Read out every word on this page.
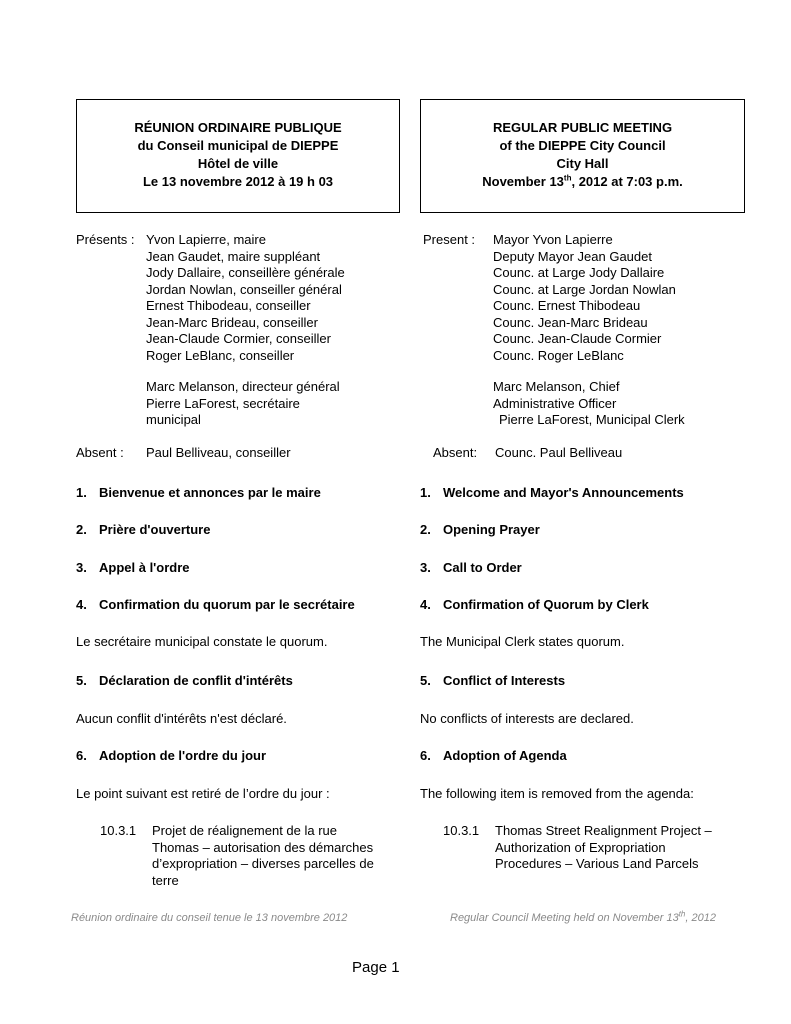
RÉUNION ORDINAIRE PUBLIQUE
du Conseil municipal de DIEPPE
Hôtel de ville
Le 13 novembre 2012 à 19 h 03
REGULAR PUBLIC MEETING
of the DIEPPE City Council
City Hall
November 13th, 2012 at 7:03 p.m.
Présents : Yvon Lapierre, maire
Jean Gaudet, maire suppléant
Jody Dallaire, conseillère générale
Jordan Nowlan, conseiller général
Ernest Thibodeau, conseiller
Jean-Marc Brideau, conseiller
Jean-Claude Cormier, conseiller
Roger LeBlanc, conseiller
Marc Melanson, directeur général
Pierre LaForest, secrétaire
municipal
Absent : Paul Belliveau, conseiller
Present : Mayor Yvon Lapierre
Deputy Mayor Jean Gaudet
Counc. at Large Jody Dallaire
Counc. at Large Jordan Nowlan
Counc. Ernest Thibodeau
Counc. Jean-Marc Brideau
Counc. Jean-Claude Cormier
Counc. Roger LeBlanc
Marc Melanson, Chief
Administrative Officer
Pierre LaForest, Municipal Clerk
Absent: Counc. Paul Belliveau
1. Bienvenue et annonces par le maire
2. Prière d'ouverture
3. Appel à l'ordre
4. Confirmation du quorum par le secrétaire
Le secrétaire municipal constate le quorum.
5. Déclaration de conflit d'intérêts
Aucun conflit d'intérêts n'est déclaré.
6. Adoption de l'ordre du jour
Le point suivant est retiré de l’ordre du jour :
10.3.1 Projet de réalignement de la rue
Thomas – autorisation des démarches
d’expropriation – diverses parcelles de
terre
1. Welcome and Mayor's Announcements
2. Opening Prayer
3. Call to Order
4. Confirmation of Quorum by Clerk
The Municipal Clerk states quorum.
5. Conflict of Interests
No conflicts of interests are declared.
6. Adoption of Agenda
The following item is removed from the agenda:
10.3.1 Thomas Street Realignment Project –
Authorization of Expropriation
Procedures – Various Land Parcels
Réunion ordinaire du conseil tenue le 13 novembre 2012	Regular Council Meeting held on November 13th, 2012
Page 1
